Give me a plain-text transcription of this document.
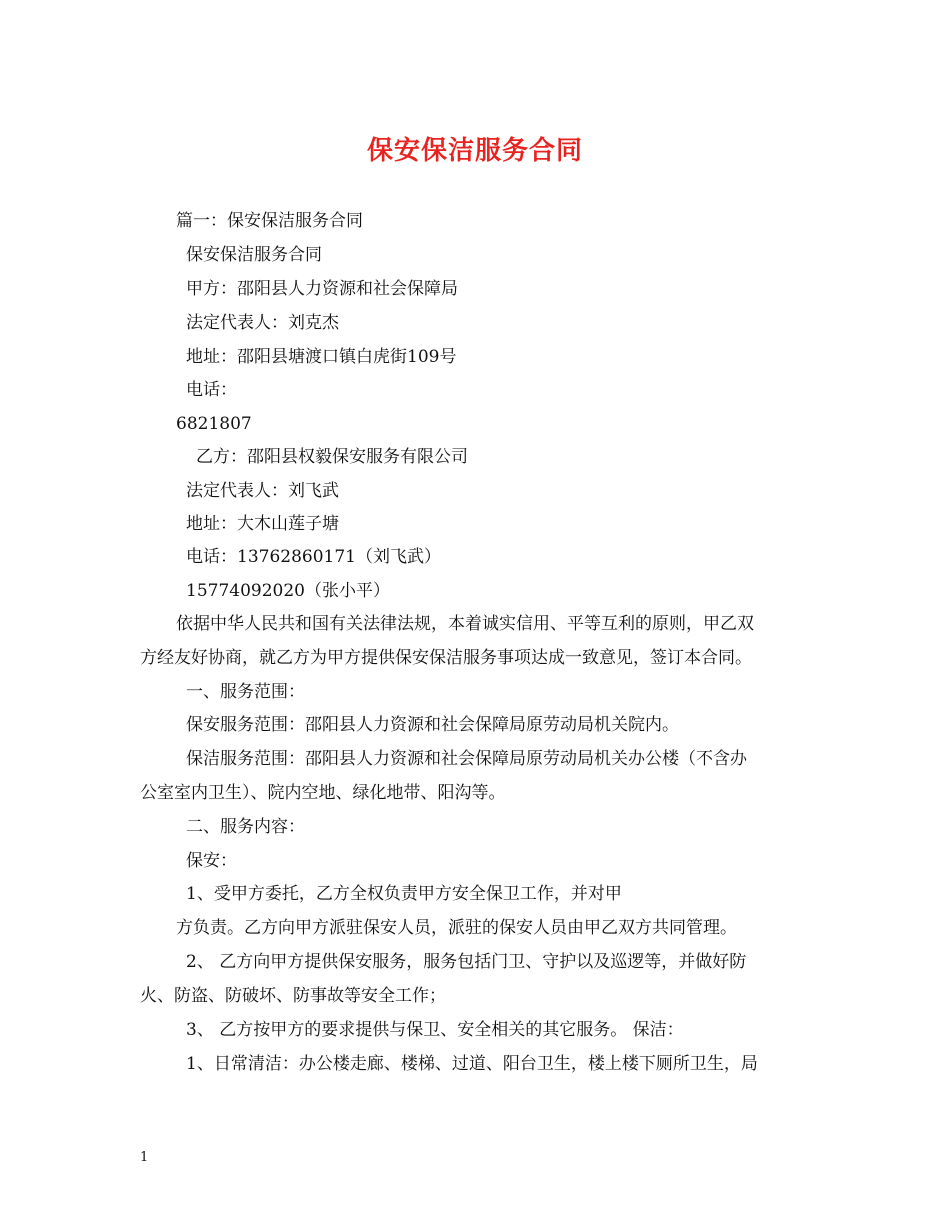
保安保洁服务合同
篇一：保安保洁服务合同
保安保洁服务合同
甲方：邵阳县人力资源和社会保障局
法定代表人：刘克杰
地址：邵阳县塘渡口镇白虎街109号
电话：
6821807
乙方：邵阳县权毅保安服务有限公司
法定代表人：刘飞武
地址：大木山莲子塘
电话：13762860171（刘飞武）
15774092020（张小平）
依据中华人民共和国有关法律法规，本着诚实信用、平等互利的原则，甲乙双
方经友好协商，就乙方为甲方提供保安保洁服务事项达成一致意见，签订本合同。
一、服务范围：
保安服务范围：邵阳县人力资源和社会保障局原劳动局机关院内。
保洁服务范围：邵阳县人力资源和社会保障局原劳动局机关办公楼（不含办
公室室内卫生）、院内空地、绿化地带、阳沟等。
二、服务内容：
保安：
1、受甲方委托，乙方全权负责甲方安全保卫工作，并对甲
方负责。乙方向甲方派驻保安人员，派驻的保安人员由甲乙双方共同管理。
2、 乙方向甲方提供保安服务，服务包括门卫、守护以及巡逻等，并做好防
火、防盗、防破坏、防事故等安全工作；
3、 乙方按甲方的要求提供与保卫、安全相关的其它服务。 保洁：
1、日常清洁：办公楼走廊、楼梯、过道、阳台卫生，楼上楼下厕所卫生，局
1
